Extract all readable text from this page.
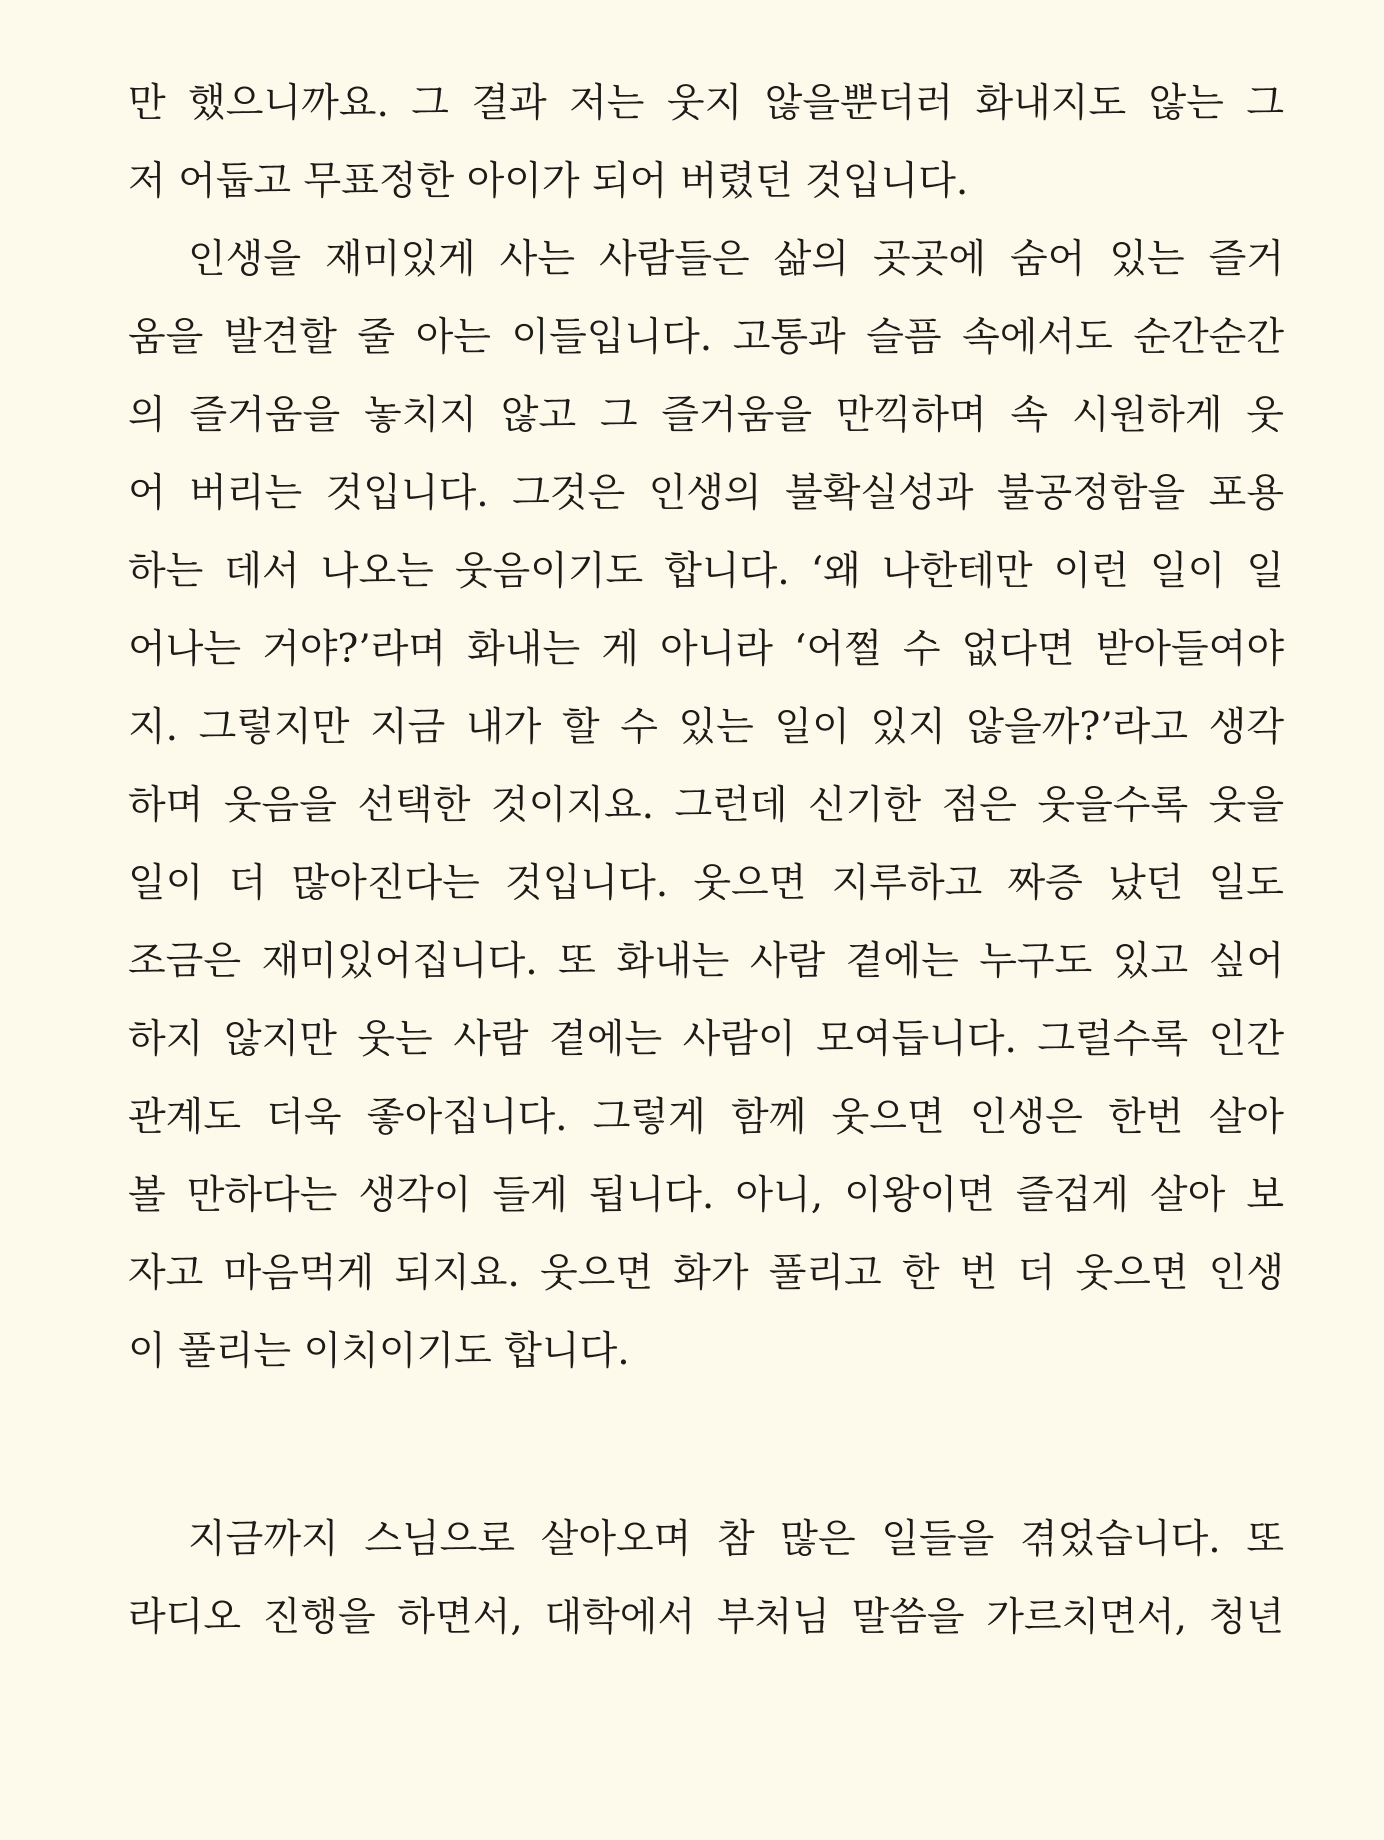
만 했으니까요. 그 결과 저는 웃지 않을뿐더러 화내지도 않는 그
저 어둡고 무표정한 아이가 되어 버렸던 것입니다.
인생을 재미있게 사는 사람들은 삶의 곳곳에 숨어 있는 즐거
움을 발견할 줄 아는 이들입니다. 고통과 슬픔 속에서도 순간순간
의 즐거움을 놓치지 않고 그 즐거움을 만끽하며 속 시원하게 웃
어 버리는 것입니다. 그것은 인생의 불확실성과 불공정함을 포용
하는 데서 나오는 웃음이기도 합니다. ‘왜 나한테만 이런 일이 일
어나는 거야?’라며 화내는 게 아니라 ‘어쩔 수 없다면 받아들여야
지. 그렇지만 지금 내가 할 수 있는 일이 있지 않을까?’라고 생각
하며 웃음을 선택한 것이지요. 그런데 신기한 점은 웃을수록 웃을
일이 더 많아진다는 것입니다. 웃으면 지루하고 짜증 났던 일도
조금은 재미있어집니다. 또 화내는 사람 곁에는 누구도 있고 싶어
하지 않지만 웃는 사람 곁에는 사람이 모여듭니다. 그럴수록 인간
관계도 더욱 좋아집니다. 그렇게 함께 웃으면 인생은 한번 살아
볼 만하다는 생각이 들게 됩니다. 아니, 이왕이면 즐겁게 살아 보
자고 마음먹게 되지요. 웃으면 화가 풀리고 한 번 더 웃으면 인생
이 풀리는 이치이기도 합니다.
지금까지 스님으로 살아오며 참 많은 일들을 겪었습니다. 또
라디오 진행을 하면서, 대학에서 부처님 말씀을 가르치면서, 청년
